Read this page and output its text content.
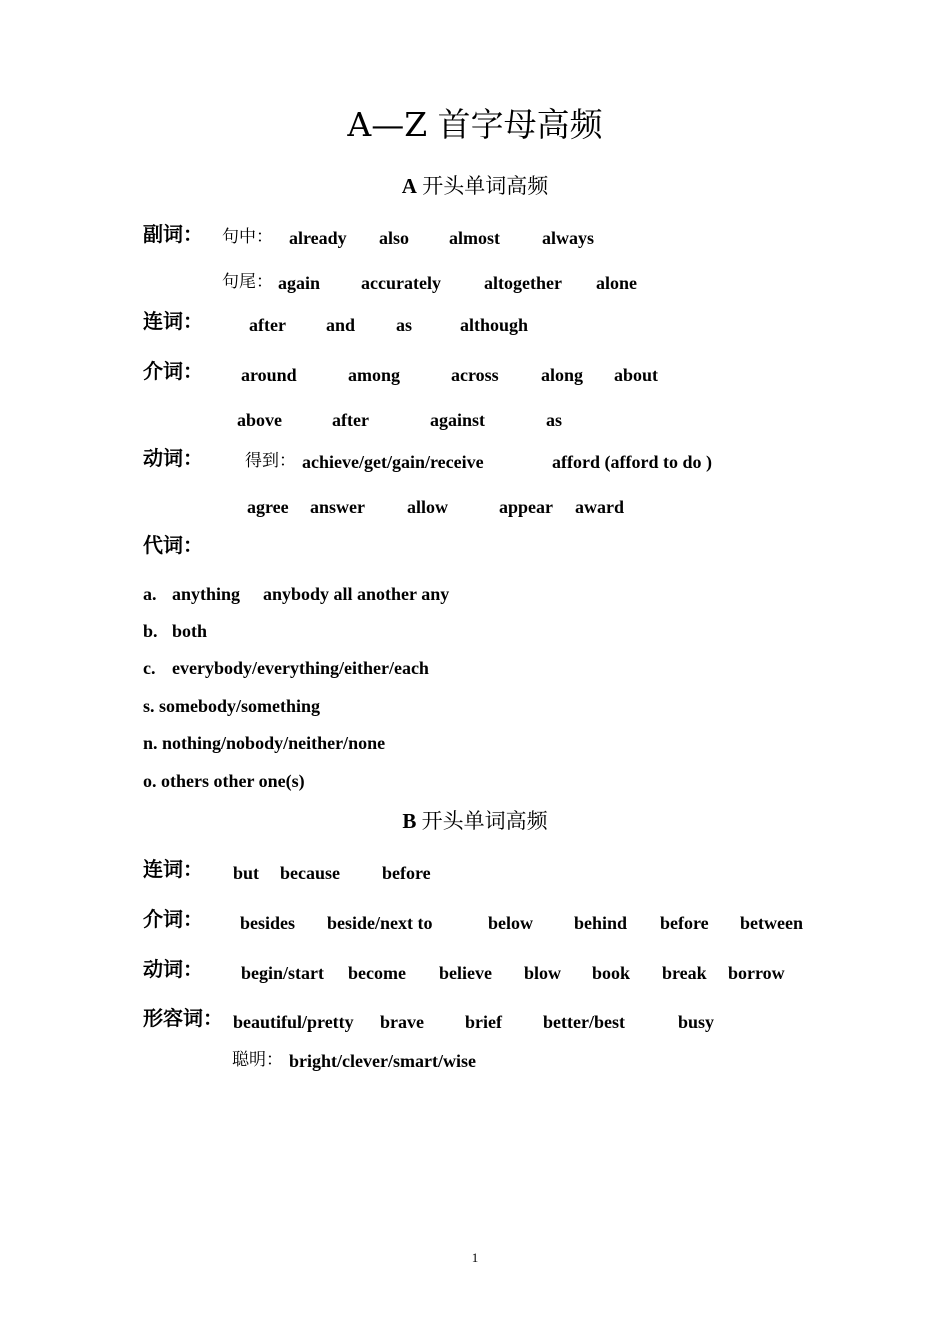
A—Z 首字母高频
A 开头单词高频
副词： 句中： already also almost always
句尾： again accurately altogether alone
连词：	after and as	although
介词： around	among	across along about
above	after	against	as
动词： 得到： achieve/get/gain/receive	afford (afford to do )
agree answer allow	appear award
代词：
a. anything anybody all another any
b. both
c. everybody/everything/either/each
s. somebody/something
n. nothing/nobody/neither/none
o. others other one(s)
B 开头单词高频
连词： but because before
介词： besides beside/next to	below behind before between
动词： begin/start become believe blow book break borrow
形容词： beautiful/pretty brave brief better/best	busy
聪明： bright/clever/smart/wise
1
